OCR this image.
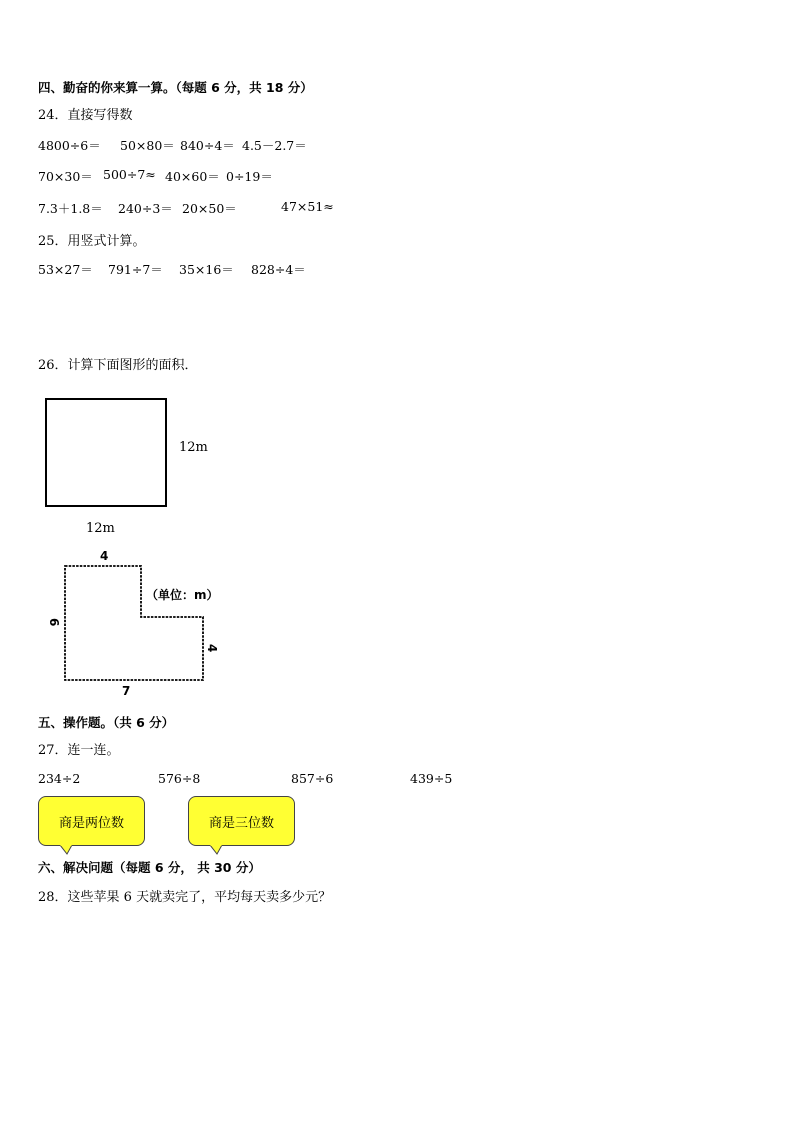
四、勤奋的你来算一算。（每题 6 分，共 18 分）
24．直接写得数
4800÷6＝ 50×80＝ 840÷4＝ 4.5－2.7＝
70×30＝ 500÷7≈ 40×60＝ 0÷19＝
7.3＋1.8＝ 240÷3＝ 20×50＝	47×51≈
25．用竖式计算。
53×27＝ 791÷7＝ 35×16＝ 828÷4＝
26．计算下面图形的面积．
12m
12m
4
6
4
7
（单位：m）
五、操作题。（共 6 分）
27．连一连。
234÷2	576÷8	857÷6	439÷5
商是两位数	商是三位数
六、解决问题（每题 6 分， 共 30 分）
28．这些苹果 6 天就卖完了，平均每天卖多少元？
